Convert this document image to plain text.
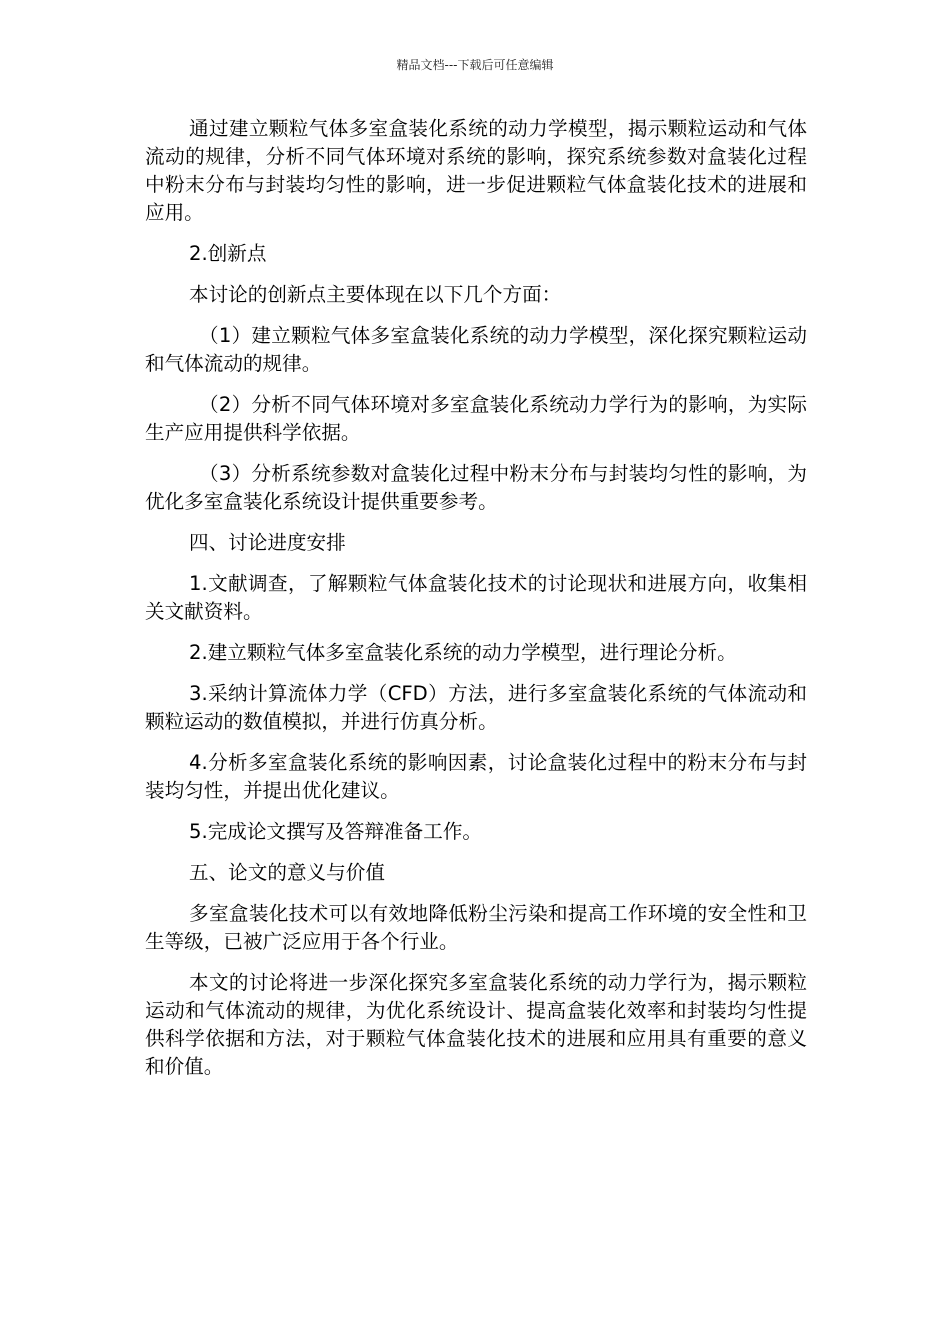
精品文档---下载后可任意编辑

通过建立颗粒气体多室盒装化系统的动力学模型，揭示颗粒运动和气体流动的规律，分析不同气体环境对系统的影响，探究系统参数对盒装化过程中粉末分布与封装均匀性的影响，进一步促进颗粒气体盒装化技术的进展和应用。

2.创新点

本讨论的创新点主要体现在以下几个方面：

（1）建立颗粒气体多室盒装化系统的动力学模型，深化探究颗粒运动和气体流动的规律。

（2）分析不同气体环境对多室盒装化系统动力学行为的影响，为实际生产应用提供科学依据。

（3）分析系统参数对盒装化过程中粉末分布与封装均匀性的影响，为优化多室盒装化系统设计提供重要参考。

四、讨论进度安排

1.文献调查，了解颗粒气体盒装化技术的讨论现状和进展方向，收集相关文献资料。

2.建立颗粒气体多室盒装化系统的动力学模型，进行理论分析。

3.采纳计算流体力学（CFD）方法，进行多室盒装化系统的气体流动和颗粒运动的数值模拟，并进行仿真分析。

4.分析多室盒装化系统的影响因素，讨论盒装化过程中的粉末分布与封装均匀性，并提出优化建议。

5.完成论文撰写及答辩准备工作。

五、论文的意义与价值

多室盒装化技术可以有效地降低粉尘污染和提高工作环境的安全性和卫生等级，已被广泛应用于各个行业。

本文的讨论将进一步深化探究多室盒装化系统的动力学行为，揭示颗粒运动和气体流动的规律，为优化系统设计、提高盒装化效率和封装均匀性提供科学依据和方法，对于颗粒气体盒装化技术的进展和应用具有重要的意义和价值。
